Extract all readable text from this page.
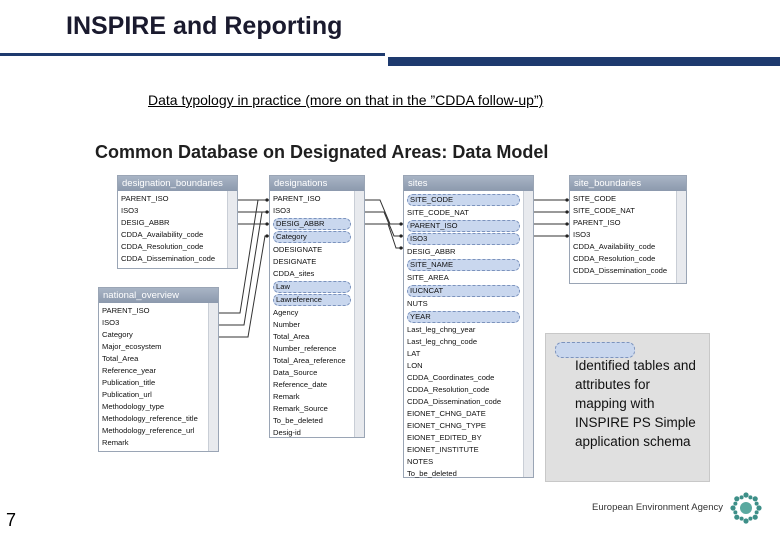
INSPIRE and Reporting
Data typology in practice (more on that in the ”CDDA follow-up”)
Common Database on Designated Areas: Data Model
designation_boundaries
PARENT_ISO
ISO3
DESIG_ABBR
CDDA_Availability_code
CDDA_Resolution_code
CDDA_Dissemination_code
designations
PARENT_ISO
ISO3
DESIG_ABBR
Category
ODESIGNATE
DESIGNATE
CDDA_sites
Law
Lawreference
Agency
Number
Total_Area
Number_reference
Total_Area_reference
Data_Source
Reference_date
Remark
Remark_Source
To_be_deleted
Desig-id
national_overview
PARENT_ISO
ISO3
Category
Major_ecosystem
Total_Area
Reference_year
Publication_title
Publication_url
Methodology_type
Methodology_reference_title
Methodology_reference_url
Remark
sites
SITE_CODE
SITE_CODE_NAT
PARENT_ISO
ISO3
DESIG_ABBR
SITE_NAME
SITE_AREA
IUCNCAT
NUTS
YEAR
Last_leg_chng_year
Last_leg_chng_code
LAT
LON
CDDA_Coordinates_code
CDDA_Resolution_code
CDDA_Dissemination_code
EIONET_CHNG_DATE
EIONET_CHNG_TYPE
EIONET_EDITED_BY
EIONET_INSTITUTE
NOTES
To_be_deleted
site_boundaries
SITE_CODE
SITE_CODE_NAT
PARENT_ISO
ISO3
CDDA_Availability_code
CDDA_Resolution_code
CDDA_Dissemination_code
Identified tables and attributes for mapping with INSPIRE PS Simple application schema
7
European Environment Agency
